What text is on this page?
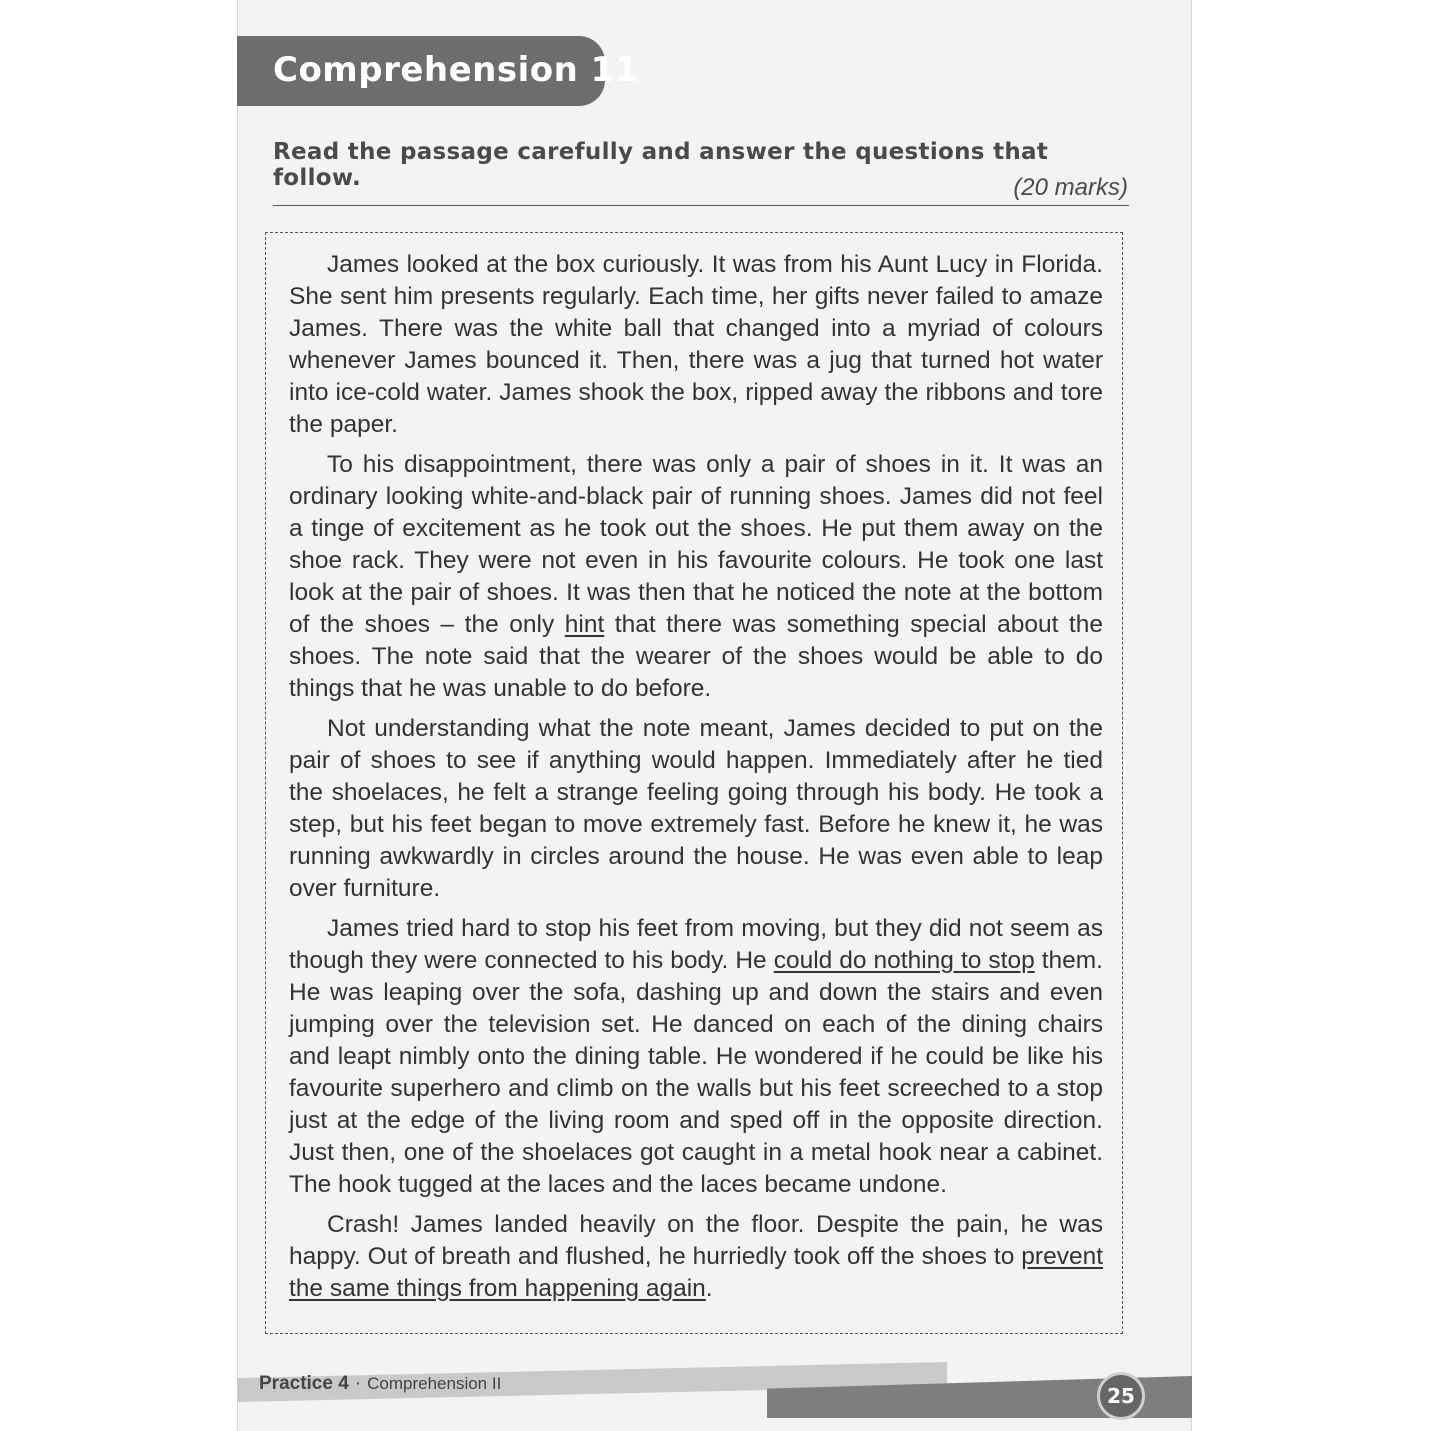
Comprehension 11
Read the passage carefully and answer the questions that follow.	(20 marks)

James looked at the box curiously. It was from his Aunt Lucy in Florida. She sent him presents regularly. Each time, her gifts never failed to amaze James. There was the white ball that changed into a myriad of colours whenever James bounced it. Then, there was a jug that turned hot water into ice-cold water. James shook the box, ripped away the ribbons and tore the paper.

To his disappointment, there was only a pair of shoes in it. It was an ordinary looking white-and-black pair of running shoes. James did not feel a tinge of excitement as he took out the shoes. He put them away on the shoe rack. They were not even in his favourite colours. He took one last look at the pair of shoes. It was then that he noticed the note at the bottom of the shoes – the only hint that there was something special about the shoes. The note said that the wearer of the shoes would be able to do things that he was unable to do before.

Not understanding what the note meant, James decided to put on the pair of shoes to see if anything would happen. Immediately after he tied the shoelaces, he felt a strange feeling going through his body. He took a step, but his feet began to move extremely fast. Before he knew it, he was running awkwardly in circles around the house. He was even able to leap over furniture.

James tried hard to stop his feet from moving, but they did not seem as though they were connected to his body. He could do nothing to stop them. He was leaping over the sofa, dashing up and down the stairs and even jumping over the television set. He danced on each of the dining chairs and leapt nimbly onto the dining table. He wondered if he could be like his favourite superhero and climb on the walls but his feet screeched to a stop just at the edge of the living room and sped off in the opposite direction. Just then, one of the shoelaces got caught in a metal hook near a cabinet. The hook tugged at the laces and the laces became undone.

Crash! James landed heavily on the floor. Despite the pain, he was happy. Out of breath and flushed, he hurriedly took off the shoes to prevent the same things from happening again.

Practice 4 · Comprehension II
25
